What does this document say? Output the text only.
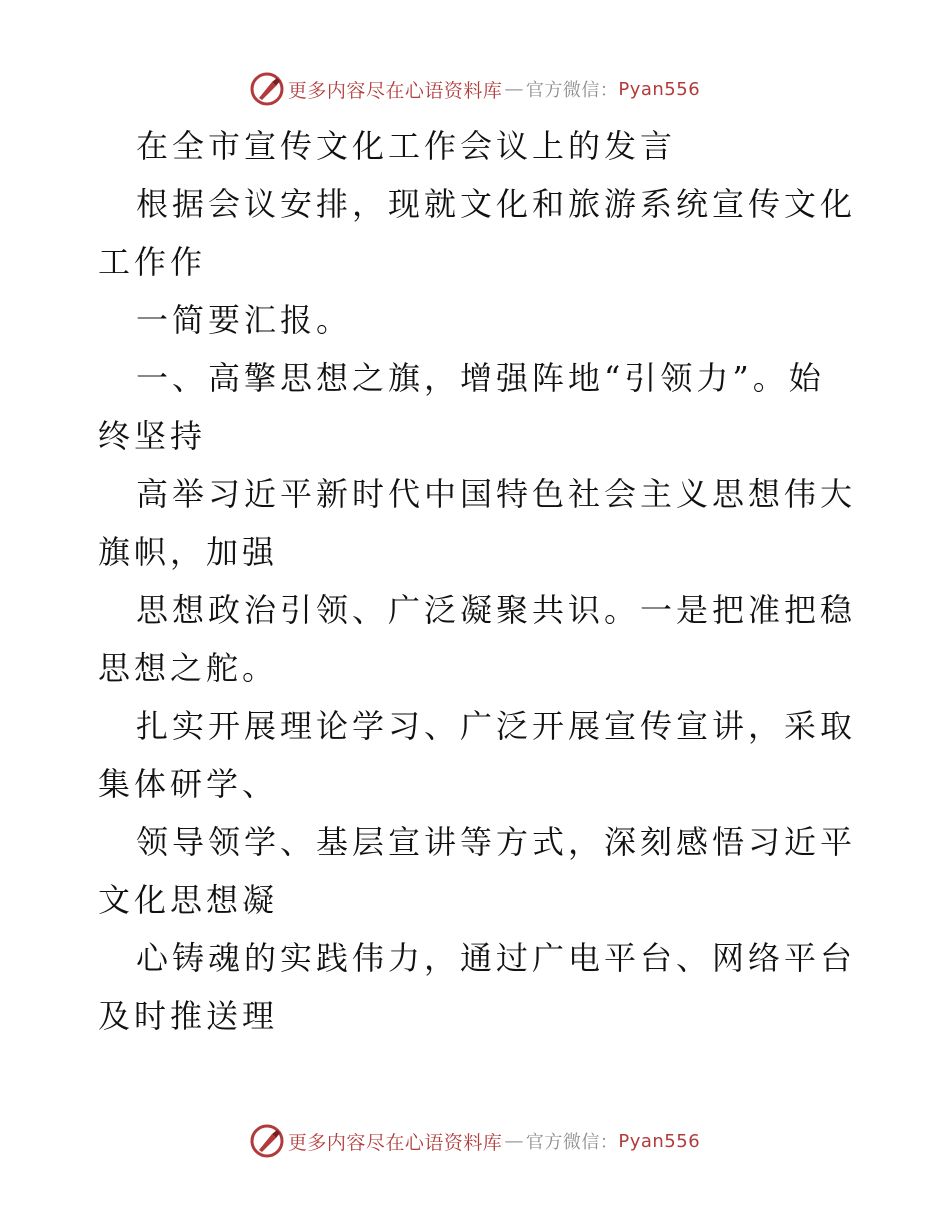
更多内容尽在心语资料库 — 官方微信： Pyan556

在全市宣传文化工作会议上的发言

根据会议安排，现就文化和旅游系统宣传文化工作作

一简要汇报。

一、高擎思想之旗，增强阵地“引领力”。始终坚持

高举习近平新时代中国特色社会主义思想伟大旗帜，加强

思想政治引领、广泛凝聚共识。一是把准把稳思想之舵。

扎实开展理论学习、广泛开展宣传宣讲，采取集体研学、

领导领学、基层宣讲等方式，深刻感悟习近平文化思想凝

心铸魂的实践伟力，通过广电平台、网络平台及时推送理

更多内容尽在心语资料库 — 官方微信： Pyan556
